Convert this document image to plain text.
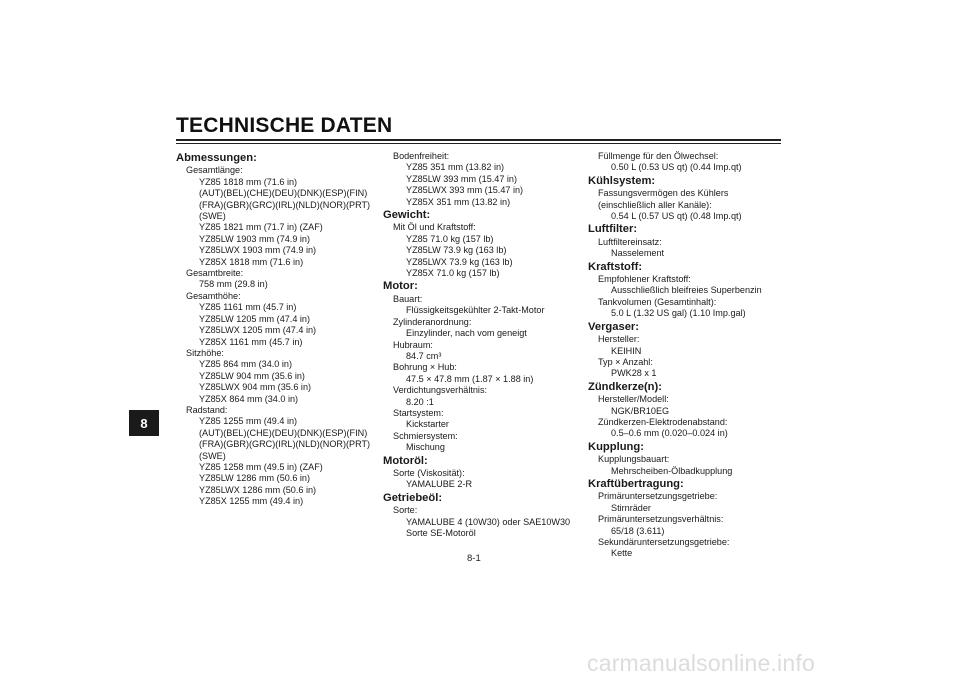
TECHNISCHE DATEN
8
Abmessungen:
Gesamtlänge:
YZ85 1818 mm (71.6 in)
(AUT)(BEL)(CHE)(DEU)(DNK)(ESP)(FIN)
(FRA)(GBR)(GRC)(IRL)(NLD)(NOR)(PRT)
(SWE)
YZ85 1821 mm (71.7 in) (ZAF)
YZ85LW 1903 mm (74.9 in)
YZ85LWX 1903 mm (74.9 in)
YZ85X 1818 mm (71.6 in)
Gesamtbreite:
758 mm (29.8 in)
Gesamthöhe:
YZ85 1161 mm (45.7 in)
YZ85LW 1205 mm (47.4 in)
YZ85LWX 1205 mm (47.4 in)
YZ85X 1161 mm (45.7 in)
Sitzhöhe:
YZ85 864 mm (34.0 in)
YZ85LW 904 mm (35.6 in)
YZ85LWX 904 mm (35.6 in)
YZ85X 864 mm (34.0 in)
Radstand:
YZ85 1255 mm (49.4 in)
(AUT)(BEL)(CHE)(DEU)(DNK)(ESP)(FIN)
(FRA)(GBR)(GRC)(IRL)(NLD)(NOR)(PRT)
(SWE)
YZ85 1258 mm (49.5 in) (ZAF)
YZ85LW 1286 mm (50.6 in)
YZ85LWX 1286 mm (50.6 in)
YZ85X 1255 mm (49.4 in)
Bodenfreiheit:
YZ85 351 mm (13.82 in)
YZ85LW 393 mm (15.47 in)
YZ85LWX 393 mm (15.47 in)
YZ85X 351 mm (13.82 in)
Gewicht:
Mit Öl und Kraftstoff:
YZ85 71.0 kg (157 lb)
YZ85LW 73.9 kg (163 lb)
YZ85LWX 73.9 kg (163 lb)
YZ85X 71.0 kg (157 lb)
Motor:
Bauart:
Flüssigkeitsgekühlter 2-Takt-Motor
Zylinderanordnung:
Einzylinder, nach vom geneigt
Hubraum:
84.7 cm³
Bohrung × Hub:
47.5 × 47.8 mm (1.87 × 1.88 in)
Verdichtungsverhältnis:
8.20 :1
Startsystem:
Kickstarter
Schmiersystem:
Mischung
Motoröl:
Sorte (Viskosität):
YAMALUBE 2-R
Getriebeöl:
Sorte:
YAMALUBE 4 (10W30) oder SAE10W30
Sorte SE-Motoröl
Füllmenge für den Ölwechsel:
0.50 L (0.53 US qt) (0.44 Imp.qt)
Kühlsystem:
Fassungsvermögen des Kühlers
(einschließlich aller Kanäle):
0.54 L (0.57 US qt) (0.48 Imp.qt)
Luftfilter:
Luftfiltereinsatz:
Nasselement
Kraftstoff:
Empfohlener Kraftstoff:
Ausschließlich bleifreies Superbenzin
Tankvolumen (Gesamtinhalt):
5.0 L (1.32 US gal) (1.10 Imp.gal)
Vergaser:
Hersteller:
KEIHIN
Typ × Anzahl:
PWK28 x 1
Zündkerze(n):
Hersteller/Modell:
NGK/BR10EG
Zündkerzen-Elektrodenabstand:
0.5–0.6 mm (0.020–0.024 in)
Kupplung:
Kupplungsbauart:
Mehrscheiben-Ölbadkupplung
Kraftübertragung:
Primäruntersetzungsgetriebe:
Stirnräder
Primäruntersetzungsverhältnis:
65/18 (3.611)
Sekundäruntersetzungsgetriebe:
Kette
8-1
carmanualsonline.info
